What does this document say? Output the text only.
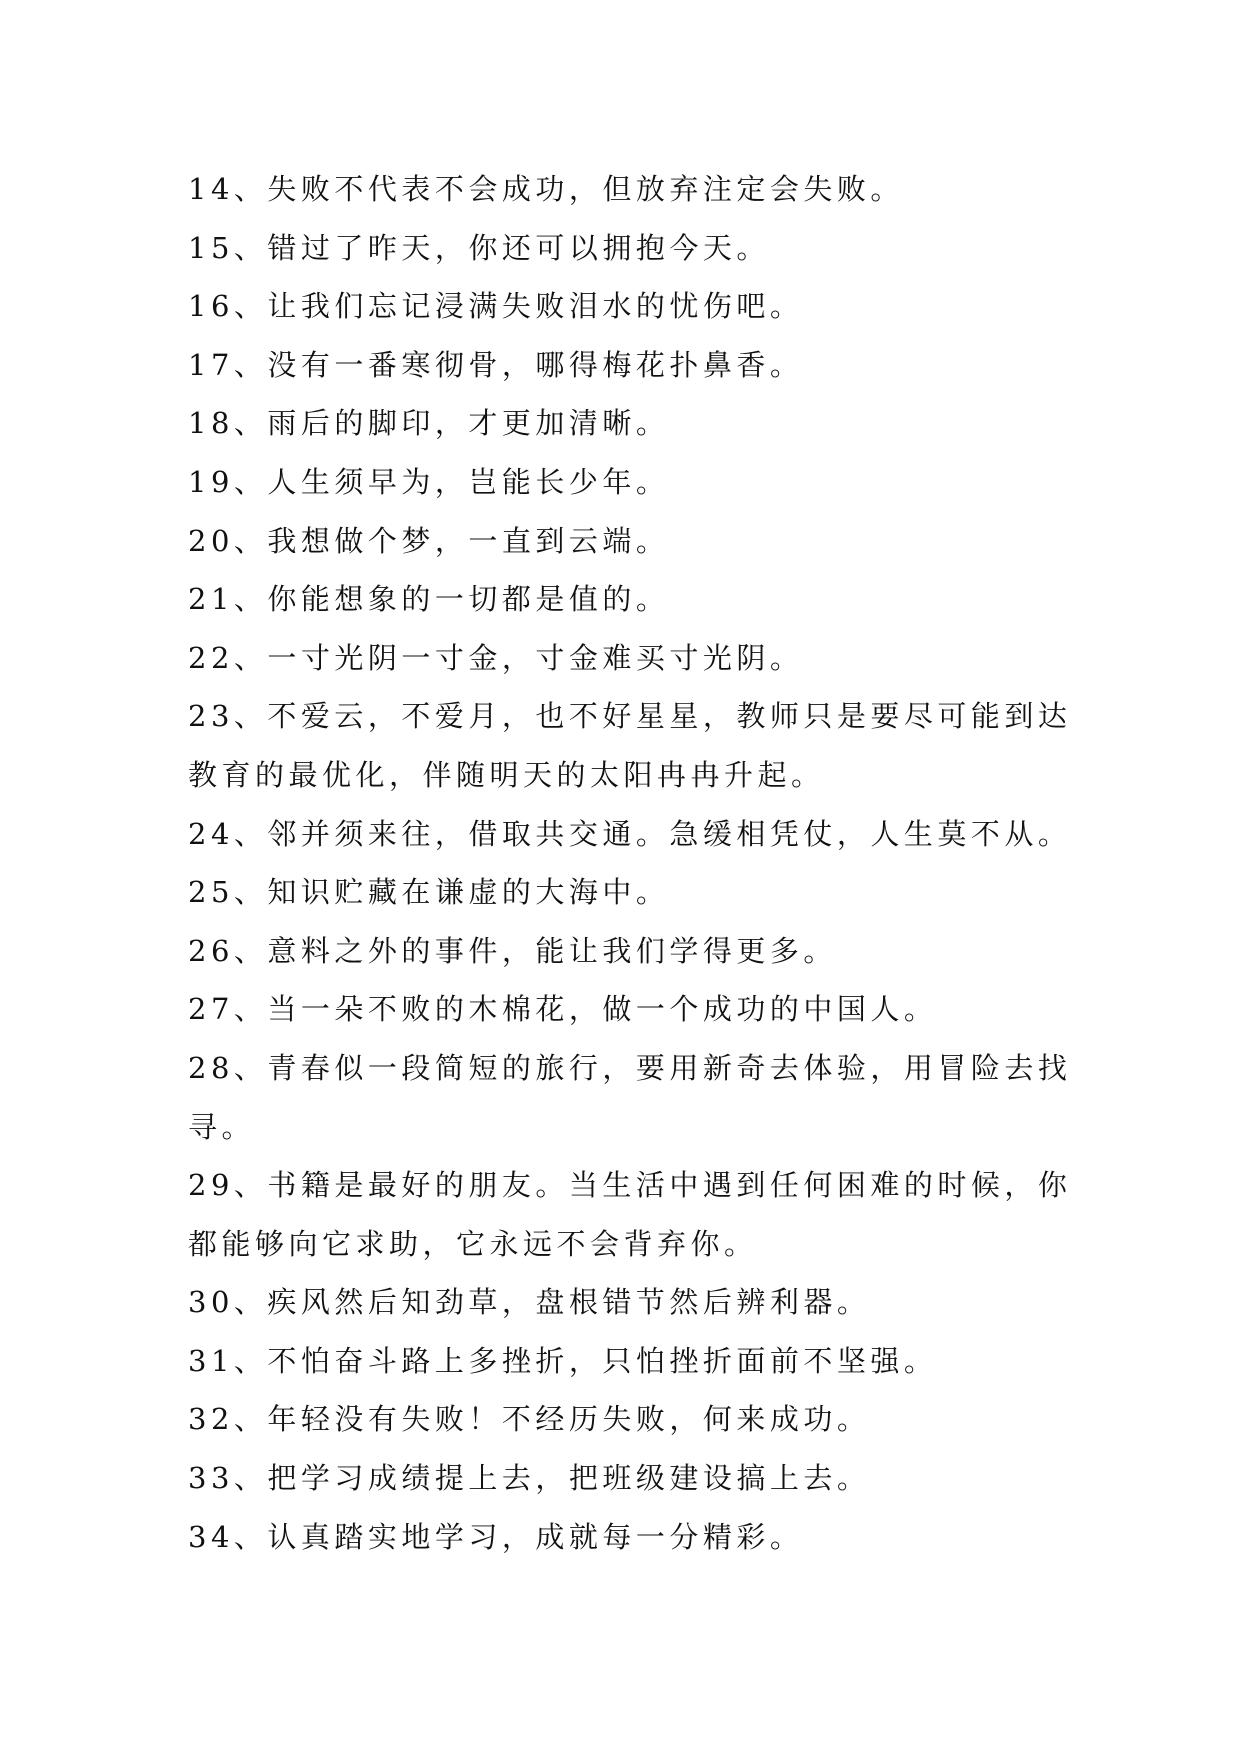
14、失败不代表不会成功，但放弃注定会失败。
15、错过了昨天，你还可以拥抱今天。
16、让我们忘记浸满失败泪水的忧伤吧。
17、没有一番寒彻骨，哪得梅花扑鼻香。
18、雨后的脚印，才更加清晰。
19、人生须早为，岂能长少年。
20、我想做个梦，一直到云端。
21、你能想象的一切都是值的。
22、一寸光阴一寸金，寸金难买寸光阴。
23、不爱云，不爱月，也不好星星，教师只是要尽可能到达
教育的最优化，伴随明天的太阳冉冉升起。
24、邻并须来往，借取共交通。急缓相凭仗，人生莫不从。
25、知识贮藏在谦虚的大海中。
26、意料之外的事件，能让我们学得更多。
27、当一朵不败的木棉花，做一个成功的中国人。
28、青春似一段简短的旅行，要用新奇去体验，用冒险去找
寻。
29、书籍是最好的朋友。当生活中遇到任何困难的时候，你
都能够向它求助，它永远不会背弃你。
30、疾风然后知劲草，盘根错节然后辨利器。
31、不怕奋斗路上多挫折，只怕挫折面前不坚强。
32、年轻没有失败！不经历失败，何来成功。
33、把学习成绩提上去，把班级建设搞上去。
34、认真踏实地学习，成就每一分精彩。
